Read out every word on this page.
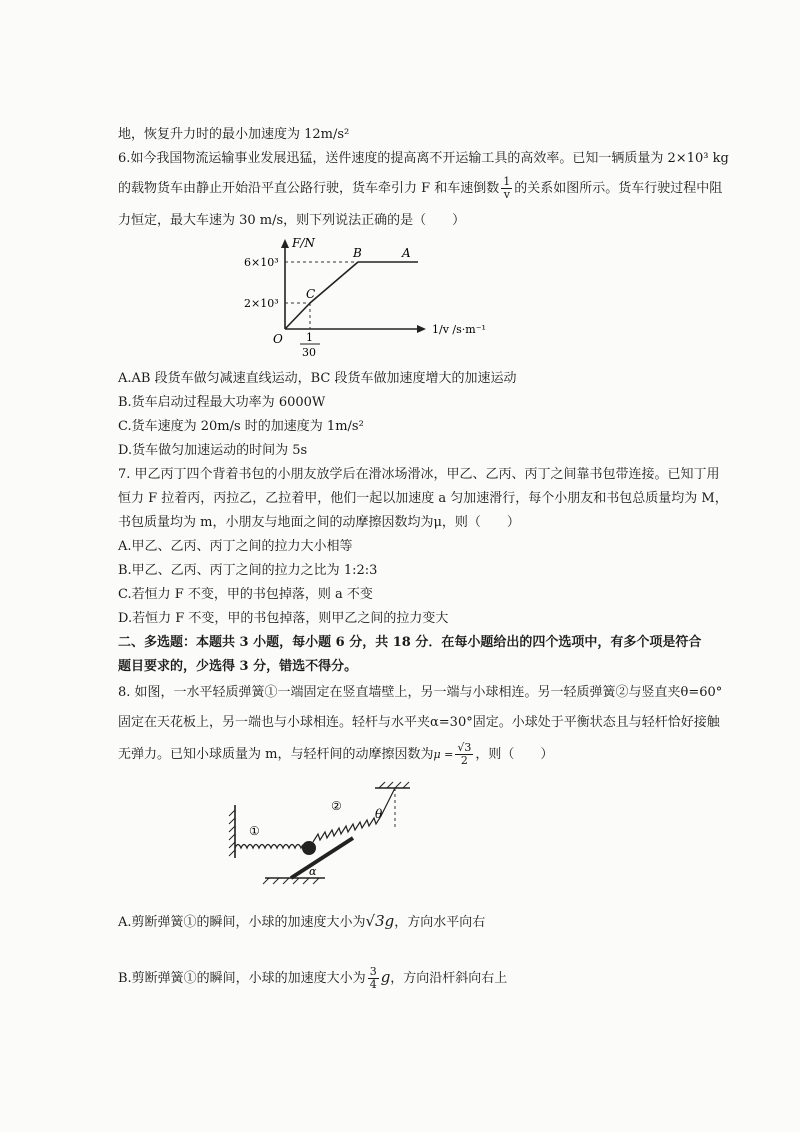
地，恢复升力时的最小加速度为 12m/s²
6.如今我国物流运输事业发展迅猛，送件速度的提高离不开运输工具的高效率。已知一辆质量为 2×10³ kg
的载物货车由静止开始沿平直公路行驶，货车牵引力 F 和车速倒数 $\frac{1}{v}$ 的关系如图所示。货车行驶过程中阻
力恒定，最大车速为 30 m/s，则下列说法正确的是（　　）
F/N
6×10³
2×10³
O
B	A
C
1
30
1/v /s·m⁻¹
A.AB 段货车做匀减速直线运动，BC 段货车做加速度增大的加速运动
B.货车启动过程最大功率为 6000W
C.货车速度为 20m/s 时的加速度为 1m/s²
D.货车做匀加速运动的时间为 5s
7. 甲乙丙丁四个背着书包的小朋友放学后在滑冰场滑冰，甲乙、乙丙、丙丁之间靠书包带连接。已知丁用
恒力 F 拉着丙，丙拉乙，乙拉着甲，他们一起以加速度 a 匀加速滑行，每个小朋友和书包总质量均为 M，
书包质量均为 m，小朋友与地面之间的动摩擦因数均为μ，则（　　）
A.甲乙、乙丙、丙丁之间的拉力大小相等
B.甲乙、乙丙、丙丁之间的拉力之比为 1:2:3
C.若恒力 F 不变，甲的书包掉落，则 a 不变
D.若恒力 F 不变，甲的书包掉落，则甲乙之间的拉力变大
二、多选题：本题共 3 小题，每小题 6 分，共 18 分．在每小题给出的四个选项中，有多个项是符合
题目要求的，少选得 3 分，错选不得分。
8. 如图，一水平轻质弹簧①一端固定在竖直墙壁上，另一端与小球相连。另一轻质弹簧②与竖直夹θ=60°
固定在天花板上，另一端也与小球相连。轻杆与水平夹α=30°固定。小球处于平衡状态且与轻杆恰好接触
无弹力。已知小球质量为 m，与轻杆间的动摩擦因数为$\mu = \frac{√3}{2}$ ，则（　　）
①
②
θ
α
A.剪断弹簧①的瞬间，小球的加速度大小为√3g，方向水平向右
B.剪断弹簧①的瞬间，小球的加速度大小为 $\frac{3}{4}$ g，方向沿杆斜向右上
